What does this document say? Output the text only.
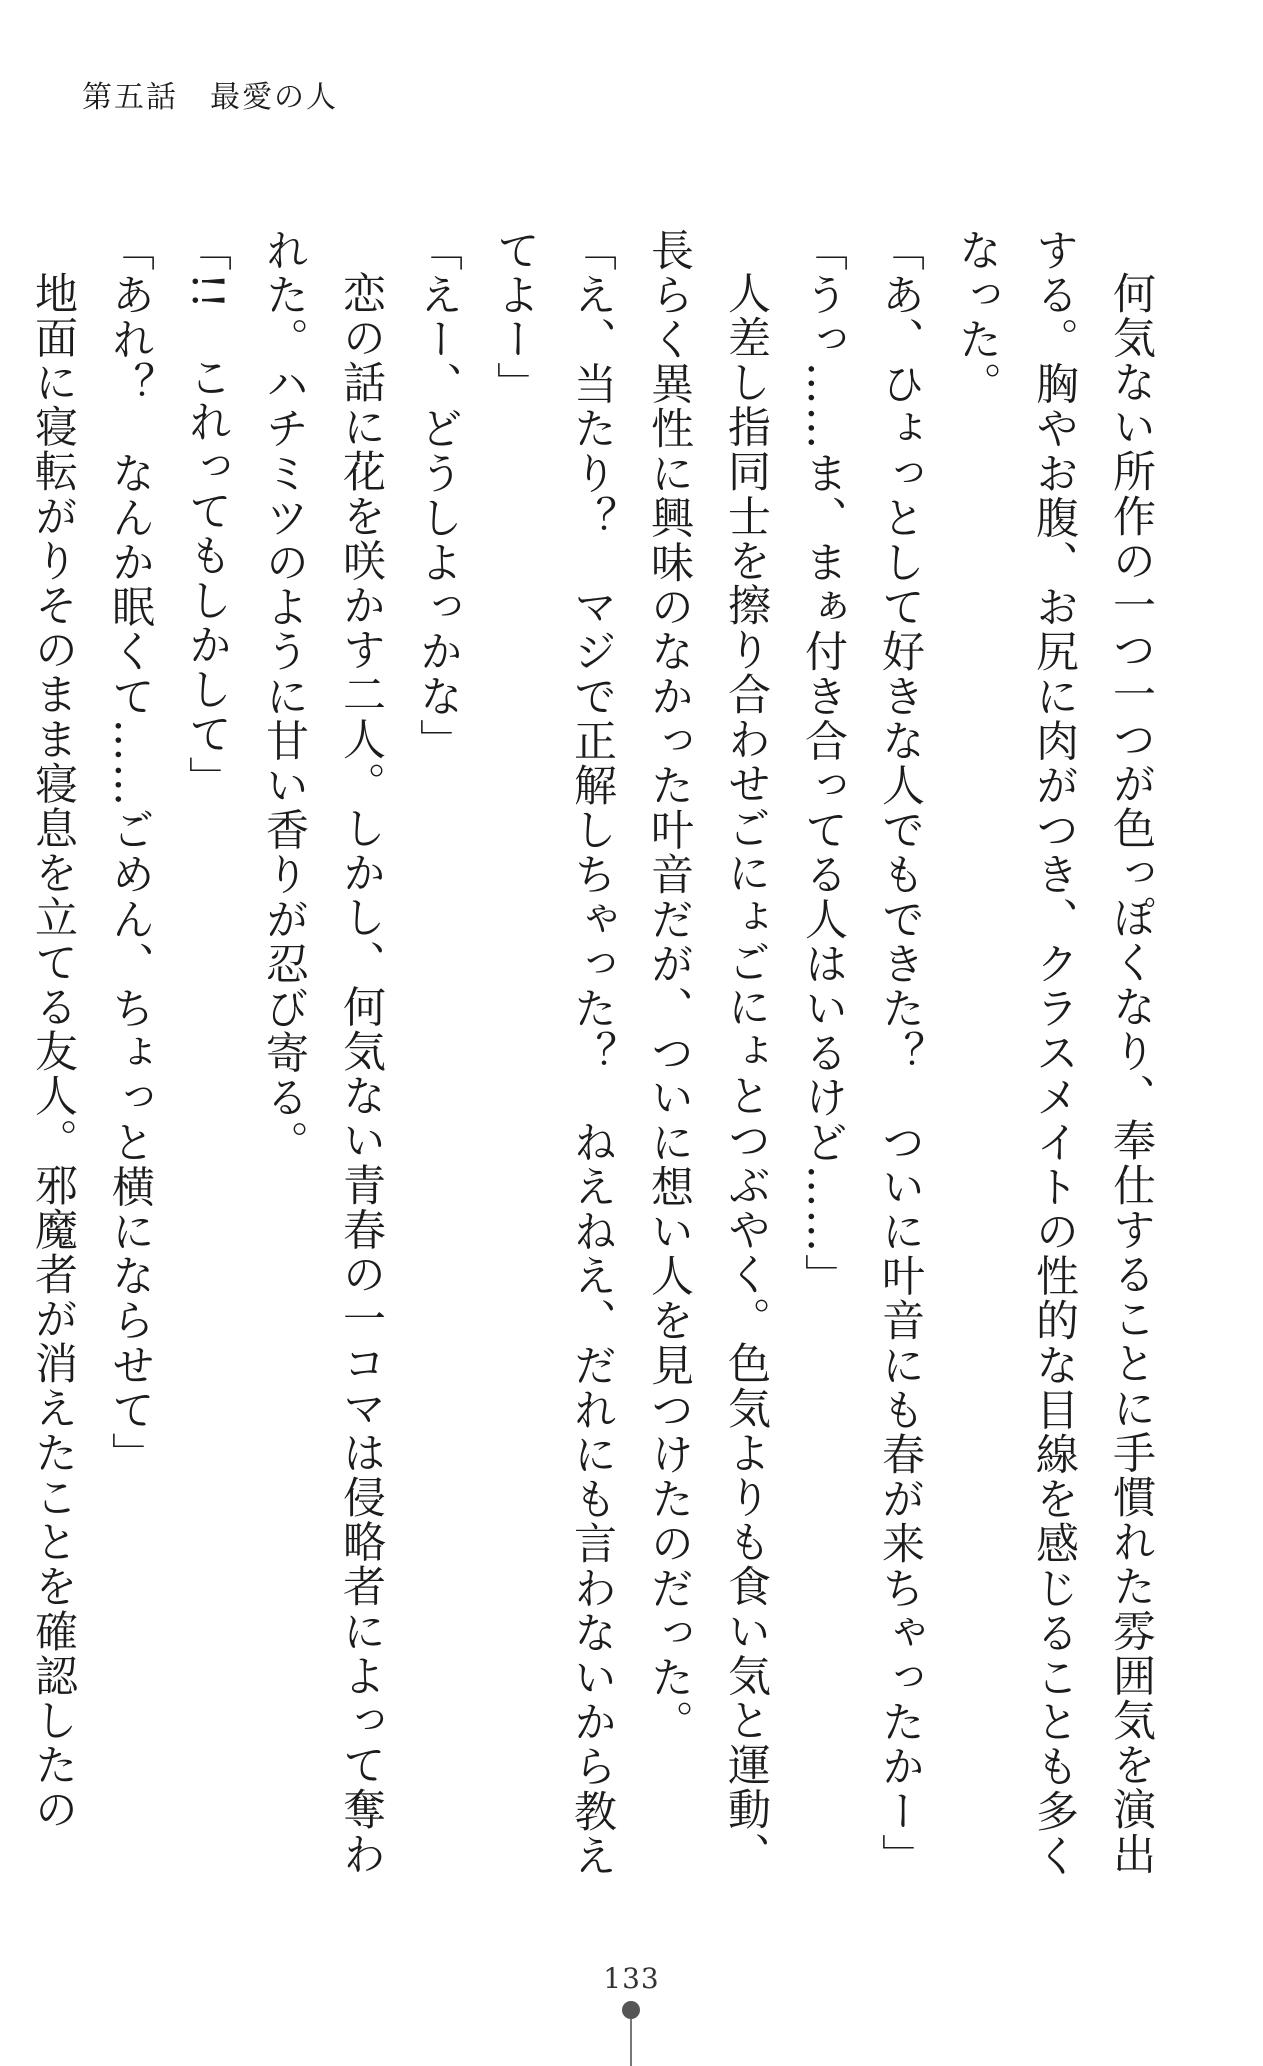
第五話　最愛の人

何気ない所作の一つ一つが色っぽくなり、奉仕することに手慣れた雰囲気を演出する。胸やお腹、お尻に肉がつき、クラスメイトの性的な目線を感じることも多くなった。

「あ、ひょっとして好きな人でもできた？　ついに叶音にも春が来ちゃったかー」

「うっ……ま、まぁ付き合ってる人はいるけど……」

人差し指同士を擦り合わせごにょごにょとつぶやく。色気よりも食い気と運動、長らく異性に興味のなかった叶音だが、ついに想い人を見つけたのだった。

「え、当たり？　マジで正解しちゃった？　ねえねえ、だれにも言わないから教えてよー」

「えー、どうしよっかな」

恋の話に花を咲かす二人。しかし、何気ない青春の一コマは侵略者によって奪われた。ハチミツのように甘い香りが忍び寄る。

「!!　これってもしかして」

「あれ？　なんか眠くて……ごめん、ちょっと横にならせて」

地面に寝転がりそのまま寝息を立てる友人。邪魔者が消えたことを確認したの

133
